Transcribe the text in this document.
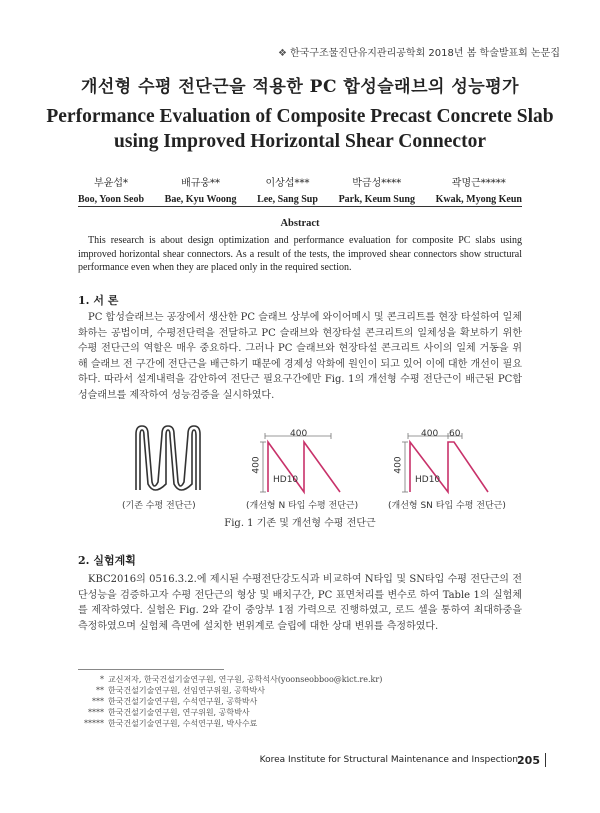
❖ 한국구조물진단유지관리공학회 2018년 봄 학술발표회 논문집
개선형 수평 전단근을 적용한 PC 합성슬래브의 성능평가
Performance Evaluation of Composite Precast Concrete Slab
using Improved Horizontal Shear Connector
부윤섭*
Boo, Yoon Seob
배규웅**
Bae, Kyu Woong
이상섭***
Lee, Sang Sup
박금성****
Park, Keum Sung
곽명근*****
Kwak, Myong Keun
Abstract
This research is about design optimization and performance evaluation for composite PC slabs using improved horizontal shear connectors. As a result of the tests, the improved shear connectors show structural performance even when they are placed only in the required section.
1. 서 론
PC 합성슬래브는 공장에서 생산한 PC 슬래브 상부에 와이어메시 및 콘크리트를 현장 타설하여 일체화하는 공법이며, 수평전단력을 전달하고 PC 슬래브와 현장타설 콘크리트의 일체성을 확보하기 위한 수평 전단근의 역할은 매우 중요하다. 그러나 PC 슬래브와 현장타설 콘크리트 사이의 일체 거동을 위해 슬래브 전 구간에 전단근을 배근하기 때문에 경제성 악화에 원인이 되고 있어 이에 대한 개선이 필요하다. 따라서 설계내력을 감안하여 전단근 필요구간에만 Fig. 1의 개선형 수평 전단근이 배근된 PC합성슬래브를 제작하여 성능검증을 실시하였다.
400
400
HD10
400 60
400
HD10
(기존 수평 전단근)	(개선형 N 타입 수평 전단근)	(개선형 SN 타입 수평 전단근)
Fig. 1 기존 및 개선형 수평 전단근
2. 실험계획
KBC2016의 0516.3.2.에 제시된 수평전단강도식과 비교하여 N타입 및 SN타입 수평 전단근의 전단성능을 검증하고자 수평 전단근의 형상 및 배치구간, PC 표면처리를 변수로 하여 Table 1의 실험체를 제작하였다. 실험은 Fig. 2와 같이 중앙부 1점 가력으로 진행하였고, 로드 셀을 통하여 최대하중을 측정하였으며 실험체 측면에 설치한 변위계로 슬립에 대한 상대 변위를 측정하였다.
* 교신저자, 한국건설기술연구원, 연구원, 공학석사(yoonseobboo@kict.re.kr)
** 한국건설기술연구원, 선임연구위원, 공학박사
*** 한국건설기술연구원, 수석연구원, 공학박사
**** 한국건설기술연구원, 연구위원, 공학박사
***** 한국건설기술연구원, 수석연구원, 박사수료
Korea Institute for Structural Maintenance and Inspection 205
